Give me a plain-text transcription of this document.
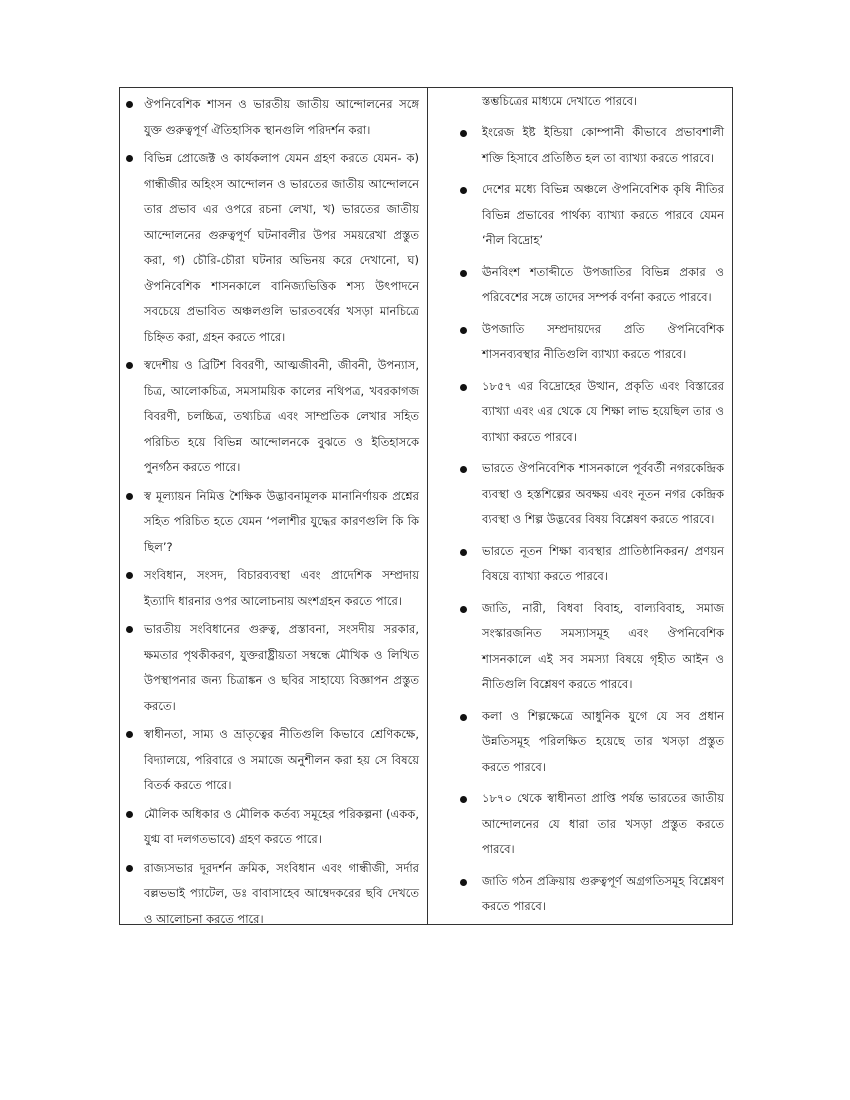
ঔপনিবেশিক শাসন ও ভারতীয় জাতীয় আন্দোলনের সঙ্গে যুক্ত গুরুত্বপূর্ণ ঐতিহাসিক স্থানগুলি পরিদর্শন করা।
বিভিন্ন প্রোজেক্ট ও কার্যকলাপ যেমন গ্রহণ করতে যেমন- ক) গান্ধীজীর অহিংস আন্দোলন ও ভারতের জাতীয় আন্দোলনে তার প্রভাব এর ওপরে রচনা লেখা, খ) ভারতের জাতীয় আন্দোলনের গুরুত্বপূর্ণ ঘটনাবলীর উপর সময়রেখা প্রস্তুত করা, গ) চৌরি-চৌরা ঘটনার অভিনয় করে দেখানো, ঘ) ঔপনিবেশিক শাসনকালে বানিজ্যভিত্তিক শস্য উৎপাদনে সবচেয়ে প্রভাবিত অঞ্চলগুলি ভারতবর্ষের খসড়া মানচিত্রে চিহ্নিত করা, গ্রহন করতে পারে।
স্বদেশীয় ও ব্রিটিশ বিবরণী, আত্মজীবনী, জীবনী, উপন্যাস, চিত্র, আলোকচিত্র, সমসাময়িক কালের নথিপত্র, খবরকাগজ বিবরণী, চলচ্চিত্র, তথ্যচিত্র এবং সাম্প্রতিক লেখার সহিত পরিচিত হয়ে বিভিন্ন আন্দোলনকে বুঝতে ও ইতিহাসকে পুনর্গঠন করতে পারে।
স্ব মূল্যায়ন নিমিত্ত শৈক্ষিক উদ্ভাবনামূলক মানানির্ণায়ক প্রশ্নের সহিত পরিচিত হতে যেমন ‘পলাশীর যুদ্ধের কারণগুলি কি কি ছিল’?
সংবিধান, সংসদ, বিচারব্যবস্থা এবং প্রাদেশিক সম্প্রদায় ইত্যাদি ধারনার ওপর আলোচনায় অংশগ্রহন করতে পারে।
ভারতীয় সংবিধানের গুরুত্ব, প্রস্তাবনা, সংসদীয় সরকার, ক্ষমতার পৃথকীকরণ, যুক্তরাষ্ট্রীয়তা সম্বন্ধে মৌখিক ও লিখিত উপস্থাপনার জন্য চিত্রাঙ্কন ও ছবির সাহায্যে বিজ্ঞাপন প্রস্তুত করতে।
স্বাধীনতা, সাম্য ও ভ্রাতৃত্বের নীতিগুলি কিভাবে শ্রেণিকক্ষে, বিদ্যালয়ে, পরিবারে ও সমাজে অনুশীলন করা হয় সে বিষয়ে বিতর্ক করতে পারে।
মৌলিক অধিকার ও মৌলিক কর্তব্য সমূহের পরিকল্পনা (একক, যুগ্ম বা দলগতভাবে) গ্রহণ করতে পারে।
রাজ্যসভার দূরদর্শন ক্রমিক, সংবিধান এবং গান্ধীজী, সর্দার বল্লভভাই প্যাটেল, ডঃ বাবাসাহেব আম্বেদকরের ছবি দেখতে ও আলোচনা করতে পারে।

স্তম্ভচিত্রের মাধ্যমে দেখাতে পারবে।

ইংরেজ ইষ্ট ইন্ডিয়া কোম্পানী কীভাবে প্রভাবশালী শক্তি হিসাবে প্রতিষ্ঠিত হল তা ব্যাখ্যা করতে পারবে।
দেশের মধ্যে বিভিন্ন অঞ্চলে ঔপনিবেশিক কৃষি নীতির বিভিন্ন প্রভাবের পার্থক্য ব্যাখ্যা করতে পারবে যেমন ‘নীল বিদ্রোহ’
ঊনবিংশ শতাব্দীতে উপজাতির বিভিন্ন প্রকার ও পরিবেশের সঙ্গে তাদের সম্পর্ক বর্ণনা করতে পারবে।
উপজাতি সম্প্রদায়দের প্রতি ঔপনিবেশিক শাসনব্যবস্থার নীতিগুলি ব্যাখ্যা করতে পারবে।
১৮৫৭ এর বিদ্রোহের উত্থান, প্রকৃতি এবং বিস্তারের ব্যাখ্যা এবং এর থেকে যে শিক্ষা লাভ হয়েছিল তার ও ব্যাখ্যা করতে পারবে।
ভারতে ঔপনিবেশিক শাসনকালে পূর্ববর্তী নগরকেন্দ্রিক ব্যবস্থা ও হস্তশিল্পের অবক্ষয় এবং নূতন নগর কেন্দ্রিক ব্যবস্থা ও শিল্প উদ্ভবের বিষয় বিশ্লেষণ করতে পারবে।
ভারতে নূতন শিক্ষা ব্যবস্থার প্রাতিষ্ঠানিকরন/ প্রণয়ন বিষয়ে ব্যাখ্যা করতে পারবে।
জাতি, নারী, বিধবা বিবাহ, বাল্যবিবাহ, সমাজ সংস্কারজনিত সমস্যাসমূহ এবং ঔপনিবেশিক শাসনকালে এই সব সমস্যা বিষয়ে গৃহীত আইন ও নীতিগুলি বিশ্লেষণ করতে পারবে।
কলা ও শিল্পক্ষেত্রে আধুনিক যুগে যে সব প্রধান উন্নতিসমূহ পরিলক্ষিত হয়েছে তার খসড়া প্রস্তুত করতে পারবে।
১৮৭০ থেকে স্বাধীনতা প্রাপ্তি পর্যন্ত ভারতের জাতীয় আন্দোলনের যে ধারা তার খসড়া প্রস্তুত করতে পারবে।
জাতি গঠন প্রক্রিয়ায় গুরুত্বপূর্ণ অগ্রগতিসমূহ বিশ্লেষণ করতে পারবে।
